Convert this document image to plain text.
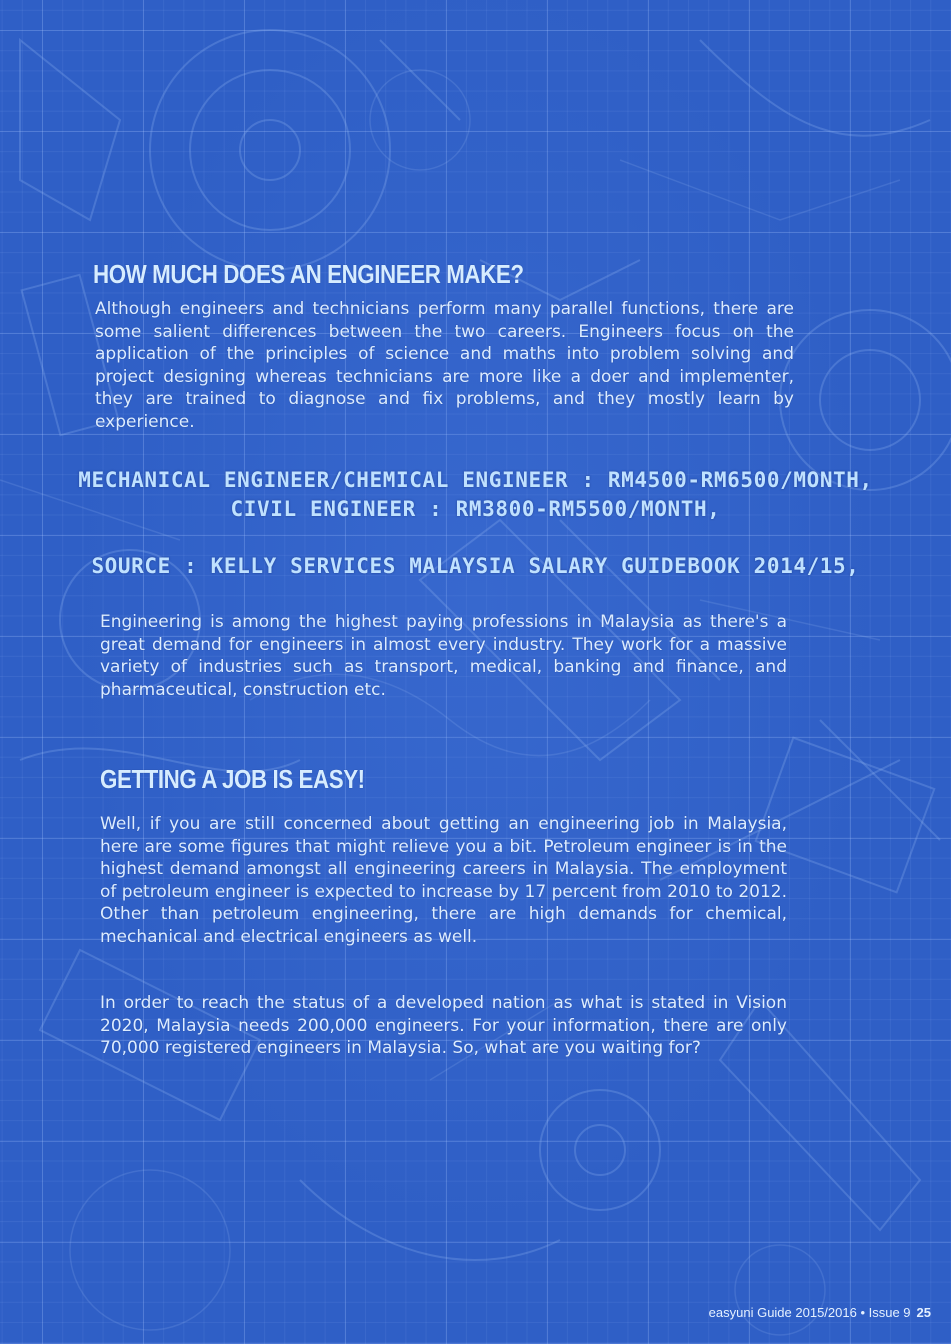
HOW MUCH DOES AN ENGINEER MAKE?

Although engineers and technicians perform many parallel functions, there are some salient differences between the two careers. Engineers focus on the application of the principles of science and maths into problem solving and project designing whereas technicians are more like a doer and implementer, they are trained to diagnose and fix problems, and they mostly learn by experience.

MECHANICAL ENGINEER/CHEMICAL ENGINEER : RM4500-RM6500/MONTH,

CIVIL ENGINEER : RM3800-RM5500/MONTH,

SOURCE : KELLY SERVICES MALAYSIA SALARY GUIDEBOOK 2014/15,

Engineering is among the highest paying professions in Malaysia as there's a great demand for engineers in almost every industry. They work for a massive variety of industries such as transport, medical, banking and finance, and pharmaceutical, construction etc.

GETTING A JOB IS EASY!

Well, if you are still concerned about getting an engineering job in Malaysia, here are some figures that might relieve you a bit. Petroleum engineer is in the highest demand amongst all engineering careers in Malaysia. The employment of petroleum engineer is expected to increase by 17 percent from 2010 to 2012. Other than petroleum engineering, there are high demands for chemical, mechanical and electrical engineers as well.

In order to reach the status of a developed nation as what is stated in Vision 2020, Malaysia needs 200,000 engineers. For your information, there are only 70,000 registered engineers in Malaysia. So, what are you waiting for?

easyuni Guide 2015/2016 • Issue 9 25
